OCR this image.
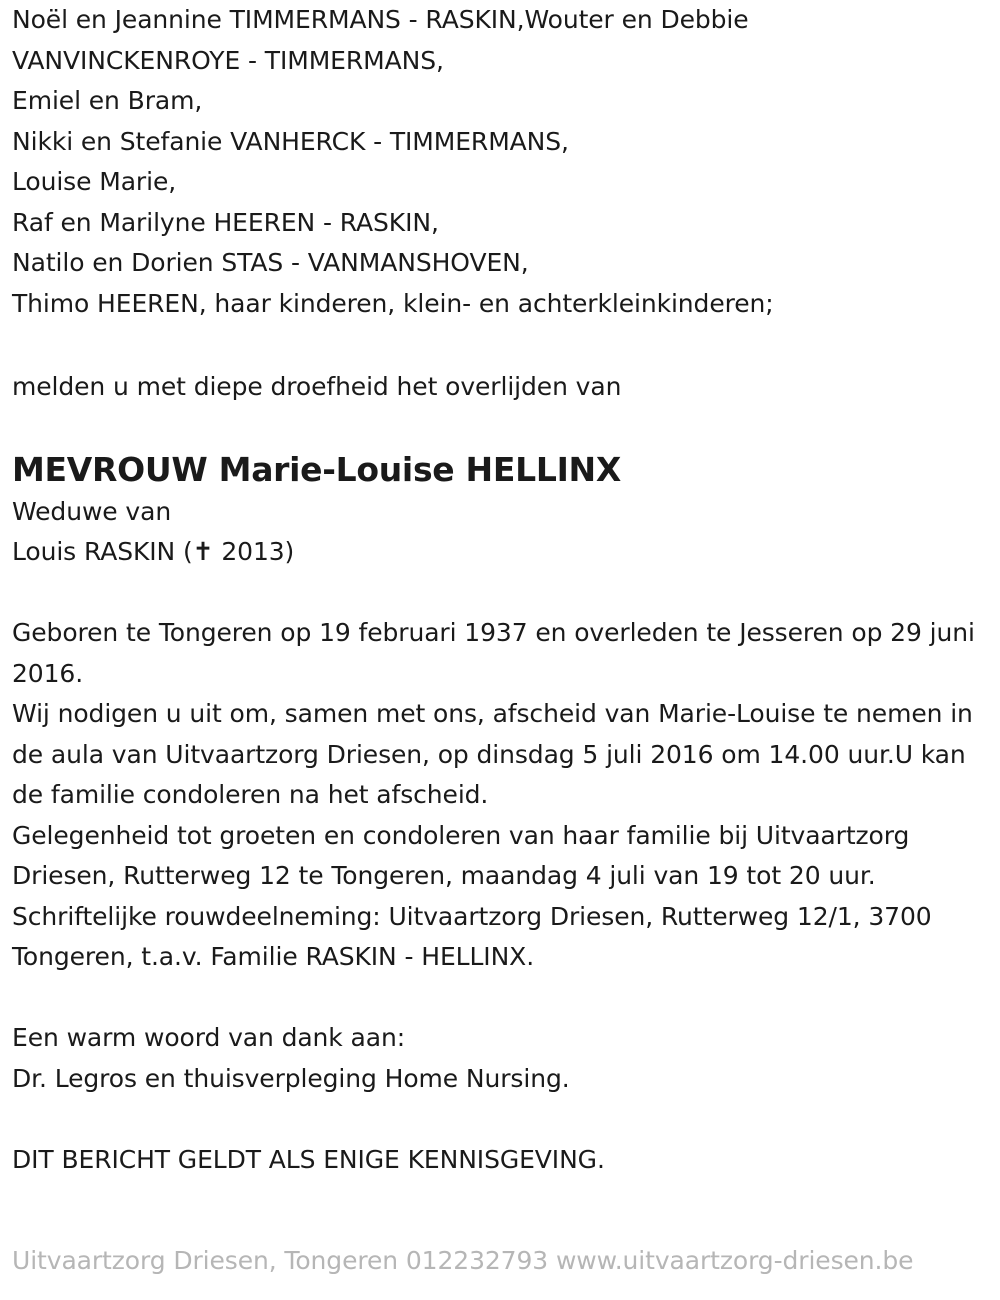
Noël en Jeannine TIMMERMANS - RASKIN,Wouter en Debbie
VANVINCKENROYE - TIMMERMANS,
Emiel en Bram,
Nikki en Stefanie VANHERCK - TIMMERMANS,
Louise Marie,
Raf en Marilyne HEEREN - RASKIN,
Natilo en Dorien STAS - VANMANSHOVEN,
Thimo HEEREN, haar kinderen, klein- en achterkleinkinderen;

melden u met diepe droefheid het overlijden van

MEVROUW Marie-Louise HELLINX
Weduwe van
Louis RASKIN (✝ 2013)

Geboren te Tongeren op 19 februari 1937 en overleden te Jesseren op 29 juni 2016.
Wij nodigen u uit om, samen met ons, afscheid van Marie-Louise te nemen in de aula van Uitvaartzorg Driesen, op dinsdag 5 juli 2016 om 14.00 uur.U kan de familie condoleren na het afscheid.
Gelegenheid tot groeten en condoleren van haar familie bij Uitvaartzorg Driesen, Rutterweg 12 te Tongeren, maandag 4 juli van 19 tot 20 uur.
Schriftelijke rouwdeelneming: Uitvaartzorg Driesen, Rutterweg 12/1, 3700 Tongeren, t.a.v. Familie RASKIN - HELLINX.

Een warm woord van dank aan:
Dr. Legros en thuisverpleging Home Nursing.

DIT BERICHT GELDT ALS ENIGE KENNISGEVING.
Uitvaartzorg Driesen, Tongeren 012232793 www.uitvaartzorg-driesen.be
